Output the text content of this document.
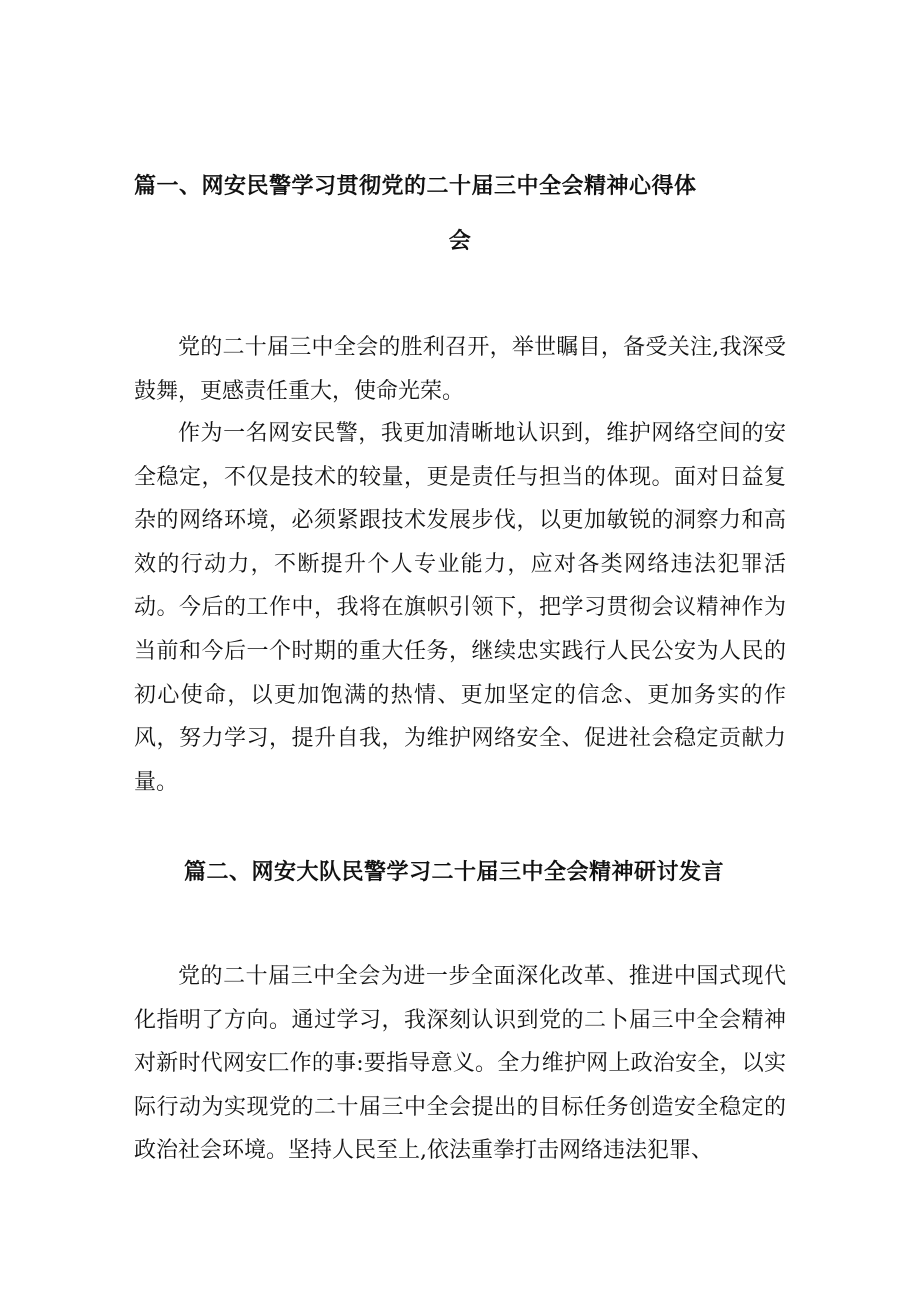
篇一、网安民警学习贯彻党的二十届三中全会精神心得体
会
党的二十届三中全会的胜利召开，举世瞩目，备受关注,我深受鼓舞，更感责任重大，使命光荣。
作为一名网安民警，我更加清晰地认识到，维护网络空间的安全稳定，不仅是技术的较量，更是责任与担当的体现。面对日益复杂的网络环境，必须紧跟技术发展步伐，以更加敏锐的洞察力和高效的行动力，不断提升个人专业能力，应对各类网络违法犯罪活动。今后的工作中，我将在旗帜引领下，把学习贯彻会议精神作为当前和今后一个时期的重大任务，继续忠实践行人民公安为人民的初心使命，以更加饱满的热情、更加坚定的信念、更加务实的作风，努力学习，提升自我，为维护网络安全、促进社会稳定贡献力量。
篇二、网安大队民警学习二十届三中全会精神研讨发言
党的二十届三中全会为进一步全面深化改革、推进中国式现代化指明了方向。通过学习，我深刻认识到党的二卜届三中全会精神对新时代网安匚作的事:要指导意义。全力维护网上政治安全，以实际行动为实现党的二十届三中全会提出的目标任务创造安全稳定的政治社会环境。坚持人民至上,依法重拳打击网络违法犯罪、
